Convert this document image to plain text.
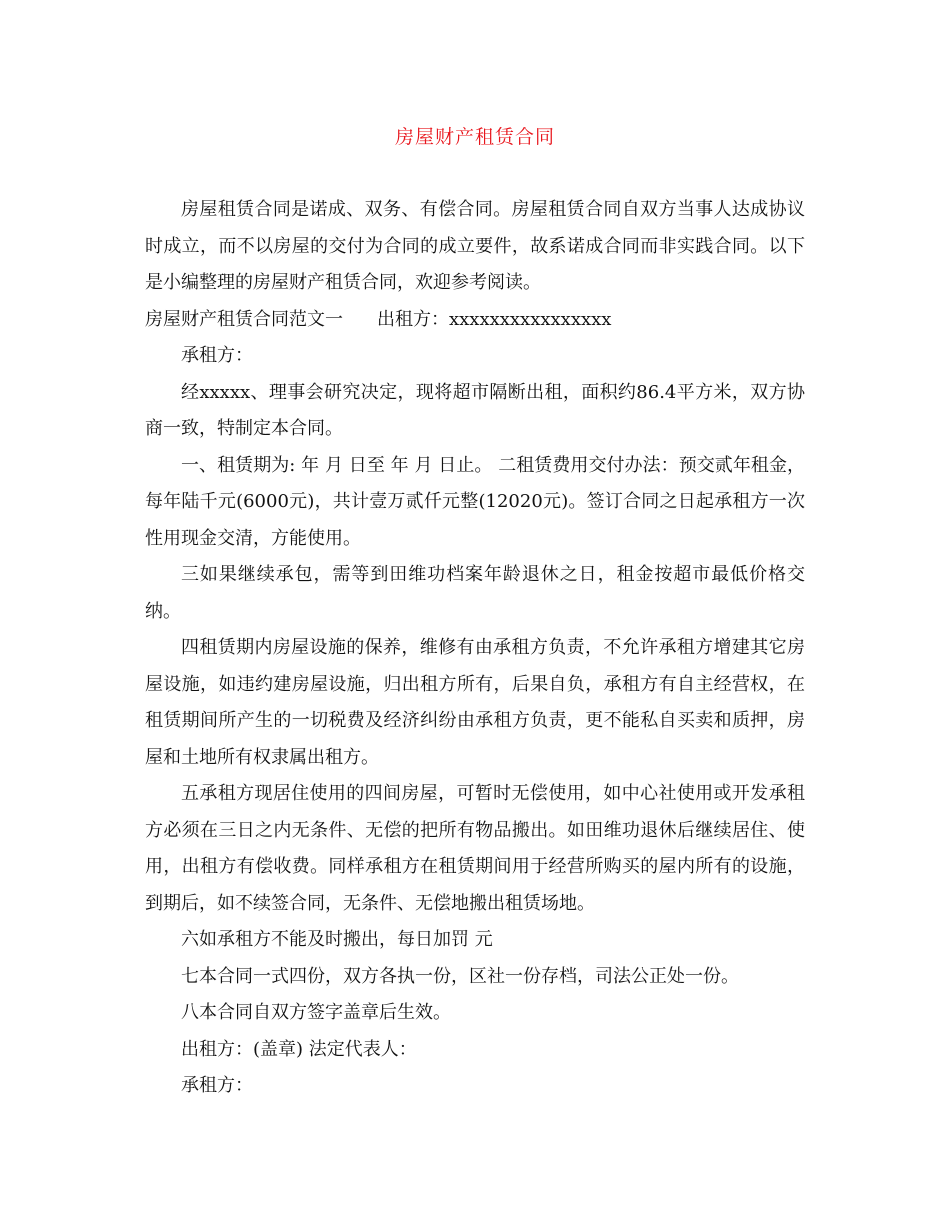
房屋财产租赁合同

房屋租赁合同是诺成、双务、有偿合同。房屋租赁合同自双方当事人达成协议时成立，而不以房屋的交付为合同的成立要件，故系诺成合同而非实践合同。以下是小编整理的房屋财产租赁合同，欢迎参考阅读。

房屋财产租赁合同范文一 出租方：xxxxxxxxxxxxxxxx

承租方：

经xxxxx、理事会研究决定，现将超市隔断出租，面积约86.4平方米，双方协商一致，特制定本合同。

一、租赁期为: 年 月 日至 年 月 日止。 二租赁费用交付办法：预交贰年租金，每年陆千元(6000元)，共计壹万贰仟元整(12020元)。签订合同之日起承租方一次性用现金交清，方能使用。

三如果继续承包，需等到田维功档案年龄退休之日，租金按超市最低价格交纳。

四租赁期内房屋设施的保养，维修有由承租方负责，不允许承租方增建其它房屋设施，如违约建房屋设施，归出租方所有，后果自负，承租方有自主经营权，在租赁期间所产生的一切税费及经济纠纷由承租方负责，更不能私自买卖和质押，房屋和土地所有权隶属出租方。

五承租方现居住使用的四间房屋，可暂时无偿使用，如中心社使用或开发承租方必须在三日之内无条件、无偿的把所有物品搬出。如田维功退休后继续居住、使用，出租方有偿收费。同样承租方在租赁期间用于经营所购买的屋内所有的设施，到期后，如不续签合同，无条件、无偿地搬出租赁场地。

六如承租方不能及时搬出，每日加罚 元

七本合同一式四份，双方各执一份，区社一份存档，司法公正处一份。

八本合同自双方签字盖章后生效。

出租方：(盖章) 法定代表人：

承租方：
